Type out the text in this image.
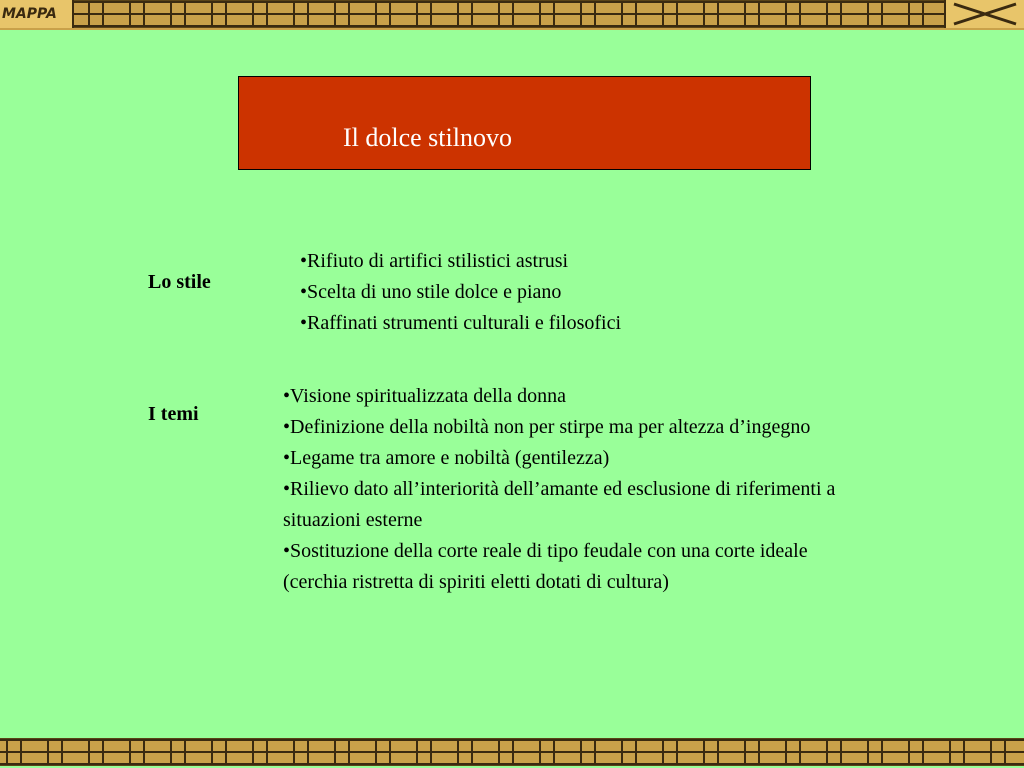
MAPPA
Il dolce stilnovo
Lo stile
• Rifiuto di artifici stilistici astrusi
• Scelta di uno stile dolce e piano
• Raffinati strumenti culturali e filosofici
I temi
• Visione spiritualizzata della donna
• Definizione della nobiltà non per stirpe ma per altezza d’ingegno
• Legame tra amore e nobiltà (gentilezza)
• Rilievo dato all’interiorità dell’amante ed esclusione di riferimenti a situazioni esterne
• Sostituzione della corte reale di tipo feudale con una corte ideale (cerchia ristretta di spiriti eletti dotati di cultura)
